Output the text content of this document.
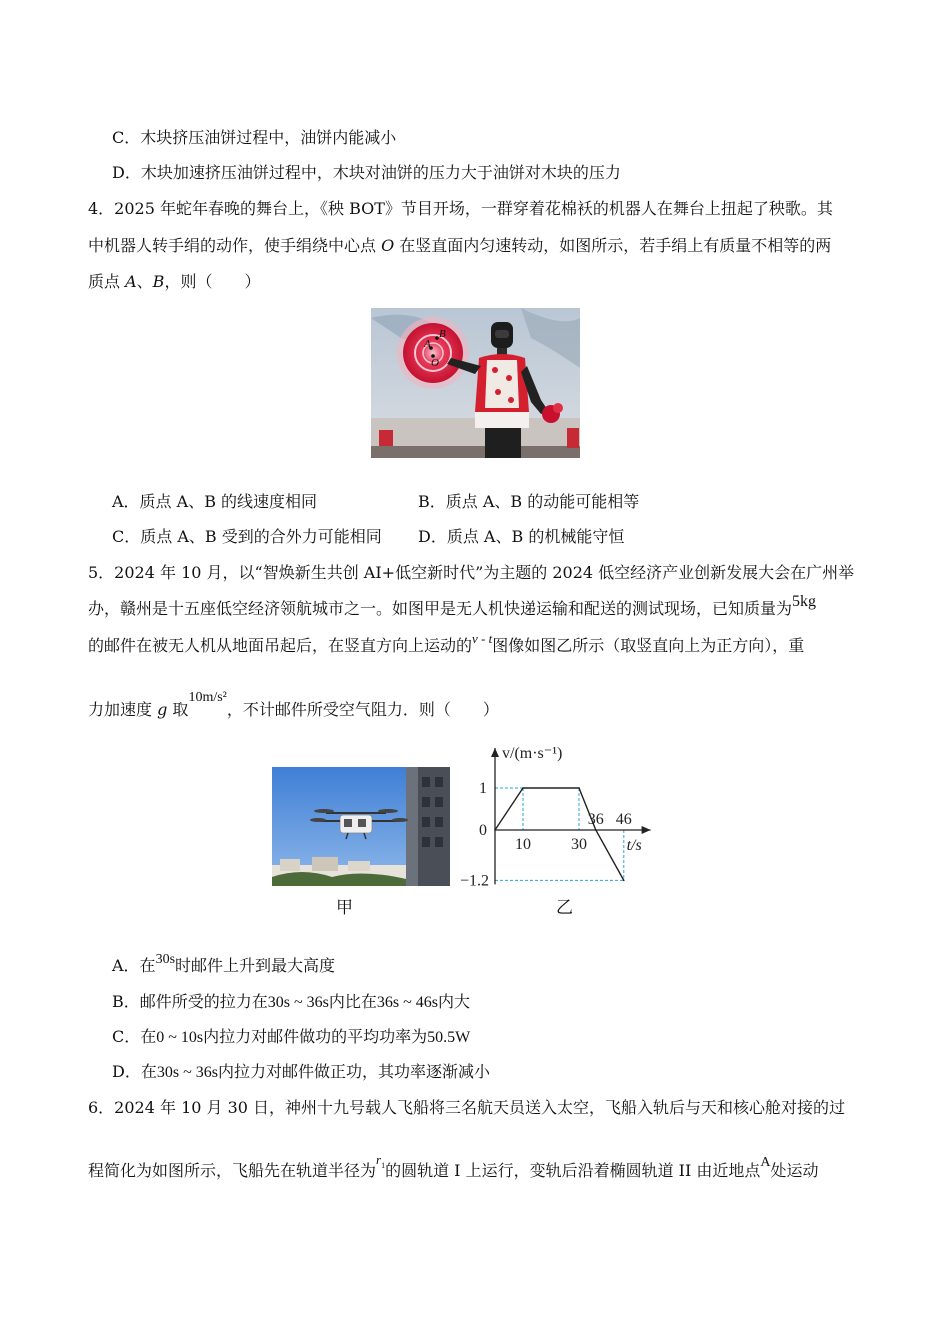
C．木块挤压油饼过程中，油饼内能减小
D．木块加速挤压油饼过程中，木块对油饼的压力大于油饼对木块的压力
4．2025 年蛇年春晚的舞台上，《秧 BOT》节目开场，一群穿着花棉袄的机器人在舞台上扭起了秧歌。其
中机器人转手绢的动作，使手绢绕中心点 O 在竖直面内匀速转动，如图所示，若手绢上有质量不相等的两
质点 A、B，则（　　）
B
A
O
A．质点 A、B 的线速度相同	B．质点 A、B 的动能可能相等
C．质点 A、B 受到的合外力可能相同	D．质点 A、B 的机械能守恒
5．2024 年 10 月，以“智焕新生共创 AI+低空新时代”为主题的 2024 低空经济产业创新发展大会在广州举
办，赣州是十五座低空经济领航城市之一。如图甲是无人机快递运输和配送的测试现场，已知质量为5kg
的邮件在被无人机从地面吊起后，在竖直方向上运动的$^{v - t}$图像如图乙所示（取竖直向上为正方向），重
力加速度 g 取10m/s²，不计邮件所受空气阻力．则（　　）
甲
v/(m·s⁻¹)
t/s
1
0
−1.2
10	30
36 46
乙
A．在30s时邮件上升到最大高度
B．邮件所受的拉力在30s ~ 36s内比在36s ~ 46s内大
C．在0 ~ 10s内拉力对邮件做功的平均功率为50.5W
D．在30s ~ 36s内拉力对邮件做正功，其功率逐渐减小
6．2024 年 10 月 30 日，神州十九号载人飞船将三名航天员送入太空，飞船入轨后与天和核心舱对接的过
程简化为如图所示，飞船先在轨道半径为$^r_1$的圆轨道 I 上运行，变轨后沿着椭圆轨道 II 由近地点A处运动
